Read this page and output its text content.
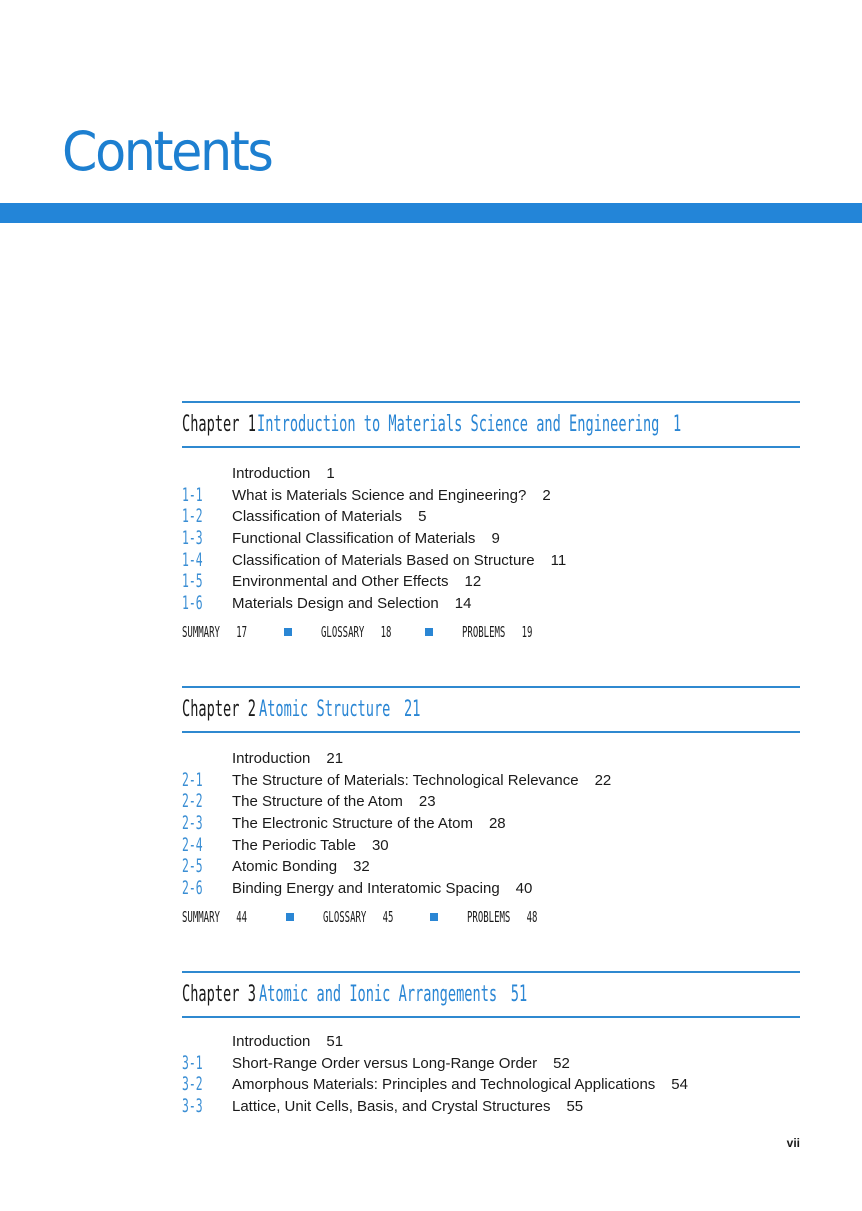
Contents
Chapter 1 Introduction to Materials Science and Engineering 1
Introduction 1
1-1 What is Materials Science and Engineering? 2
1-2 Classification of Materials 5
1-3 Functional Classification of Materials 9
1-4 Classification of Materials Based on Structure 11
1-5 Environmental and Other Effects 12
1-6 Materials Design and Selection 14
SUMMARY 17	GLOSSARY 18	PROBLEMS 19
Chapter 2 Atomic Structure 21
Introduction 21
2-1 The Structure of Materials: Technological Relevance 22
2-2 The Structure of the Atom 23
2-3 The Electronic Structure of the Atom 28
2-4 The Periodic Table 30
2-5 Atomic Bonding 32
2-6 Binding Energy and Interatomic Spacing 40
SUMMARY 44	GLOSSARY 45	PROBLEMS 48
Chapter 3 Atomic and Ionic Arrangements 51
Introduction 51
3-1 Short-Range Order versus Long-Range Order 52
3-2 Amorphous Materials: Principles and Technological Applications 54
3-3 Lattice, Unit Cells, Basis, and Crystal Structures 55
vii
